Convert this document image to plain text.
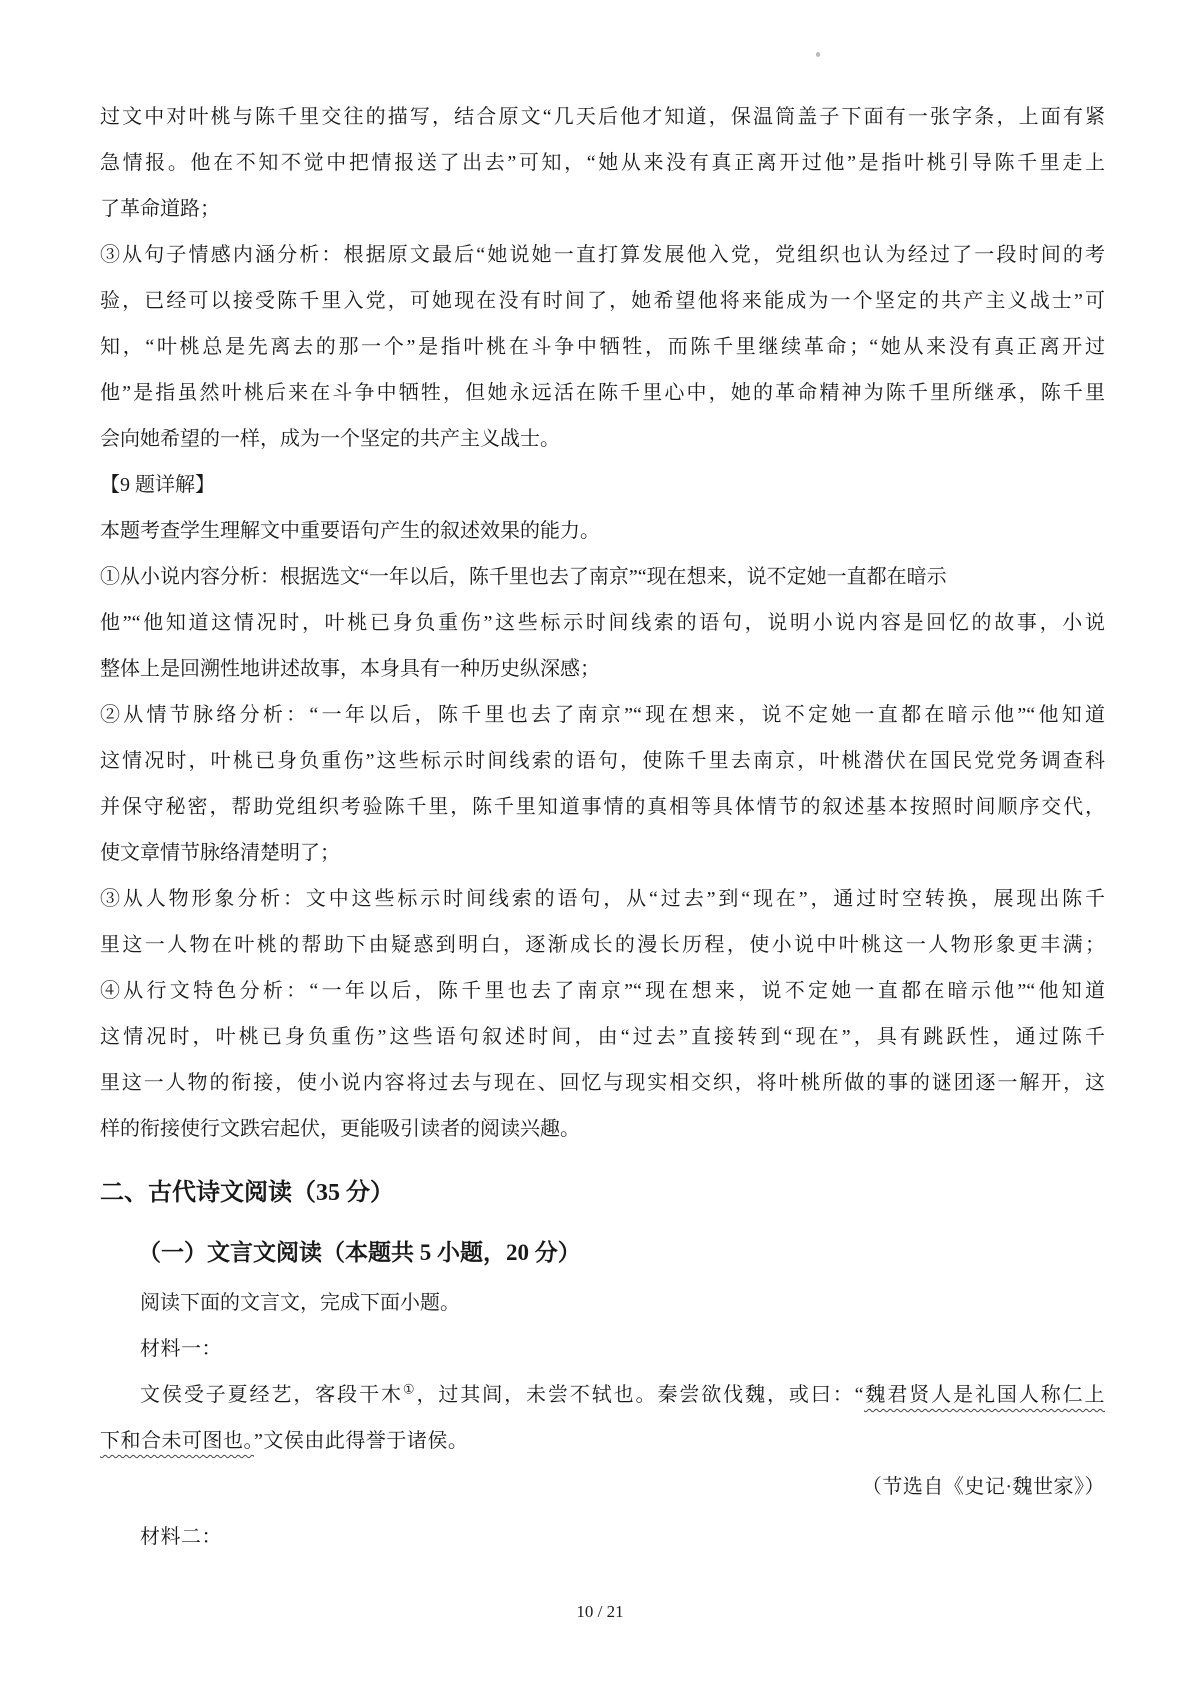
过文中对叶桃与陈千里交往的描写，结合原文“几天后他才知道，保温筒盖子下面有一张字条，上面有紧
急情报。他在不知不觉中把情报送了出去”可知，“她从来没有真正离开过他”是指叶桃引导陈千里走上
了革命道路；
③从句子情感内涵分析：根据原文最后“她说她一直打算发展他入党，党组织也认为经过了一段时间的考
验，已经可以接受陈千里入党，可她现在没有时间了，她希望他将来能成为一个坚定的共产主义战士”可
知，“叶桃总是先离去的那一个”是指叶桃在斗争中牺牲，而陈千里继续革命；“她从来没有真正离开过
他”是指虽然叶桃后来在斗争中牺牲，但她永远活在陈千里心中，她的革命精神为陈千里所继承，陈千里
会向她希望的一样，成为一个坚定的共产主义战士。
【9 题详解】
本题考查学生理解文中重要语句产生的叙述效果的能力。
①从小说内容分析：根据选文“一年以后，陈千里也去了南京”“现在想来，说不定她一直都在暗示
他”“他知道这情况时，叶桃已身负重伤”这些标示时间线索的语句，说明小说内容是回忆的故事，小说
整体上是回溯性地讲述故事，本身具有一种历史纵深感；
②从情节脉络分析：“一年以后，陈千里也去了南京”“现在想来，说不定她一直都在暗示他”“他知道
这情况时，叶桃已身负重伤”这些标示时间线索的语句，使陈千里去南京，叶桃潜伏在国民党党务调查科
并保守秘密，帮助党组织考验陈千里，陈千里知道事情的真相等具体情节的叙述基本按照时间顺序交代，
使文章情节脉络清楚明了；
③从人物形象分析：文中这些标示时间线索的语句，从“过去”到“现在”，通过时空转换，展现出陈千
里这一人物在叶桃的帮助下由疑惑到明白，逐渐成长的漫长历程，使小说中叶桃这一人物形象更丰满；
④从行文特色分析：“一年以后，陈千里也去了南京”“现在想来，说不定她一直都在暗示他”“他知道
这情况时，叶桃已身负重伤”这些语句叙述时间，由“过去”直接转到“现在”，具有跳跃性，通过陈千
里这一人物的衔接，使小说内容将过去与现在、回忆与现实相交织，将叶桃所做的事的谜团逐一解开，这
样的衔接使行文跌宕起伏，更能吸引读者的阅读兴趣。
二、古代诗文阅读（35 分）
（一）文言文阅读（本题共 5 小题，20 分）
阅读下面的文言文，完成下面小题。
材料一：
文侯受子夏经艺，客段干木①，过其闾，未尝不轼也。秦尝欲伐魏，或曰：“魏君贤人是礼国人称仁上
下和合未可图也。”文侯由此得誉于诸侯。
（节选自《史记·魏世家》）
材料二：
10 / 21
